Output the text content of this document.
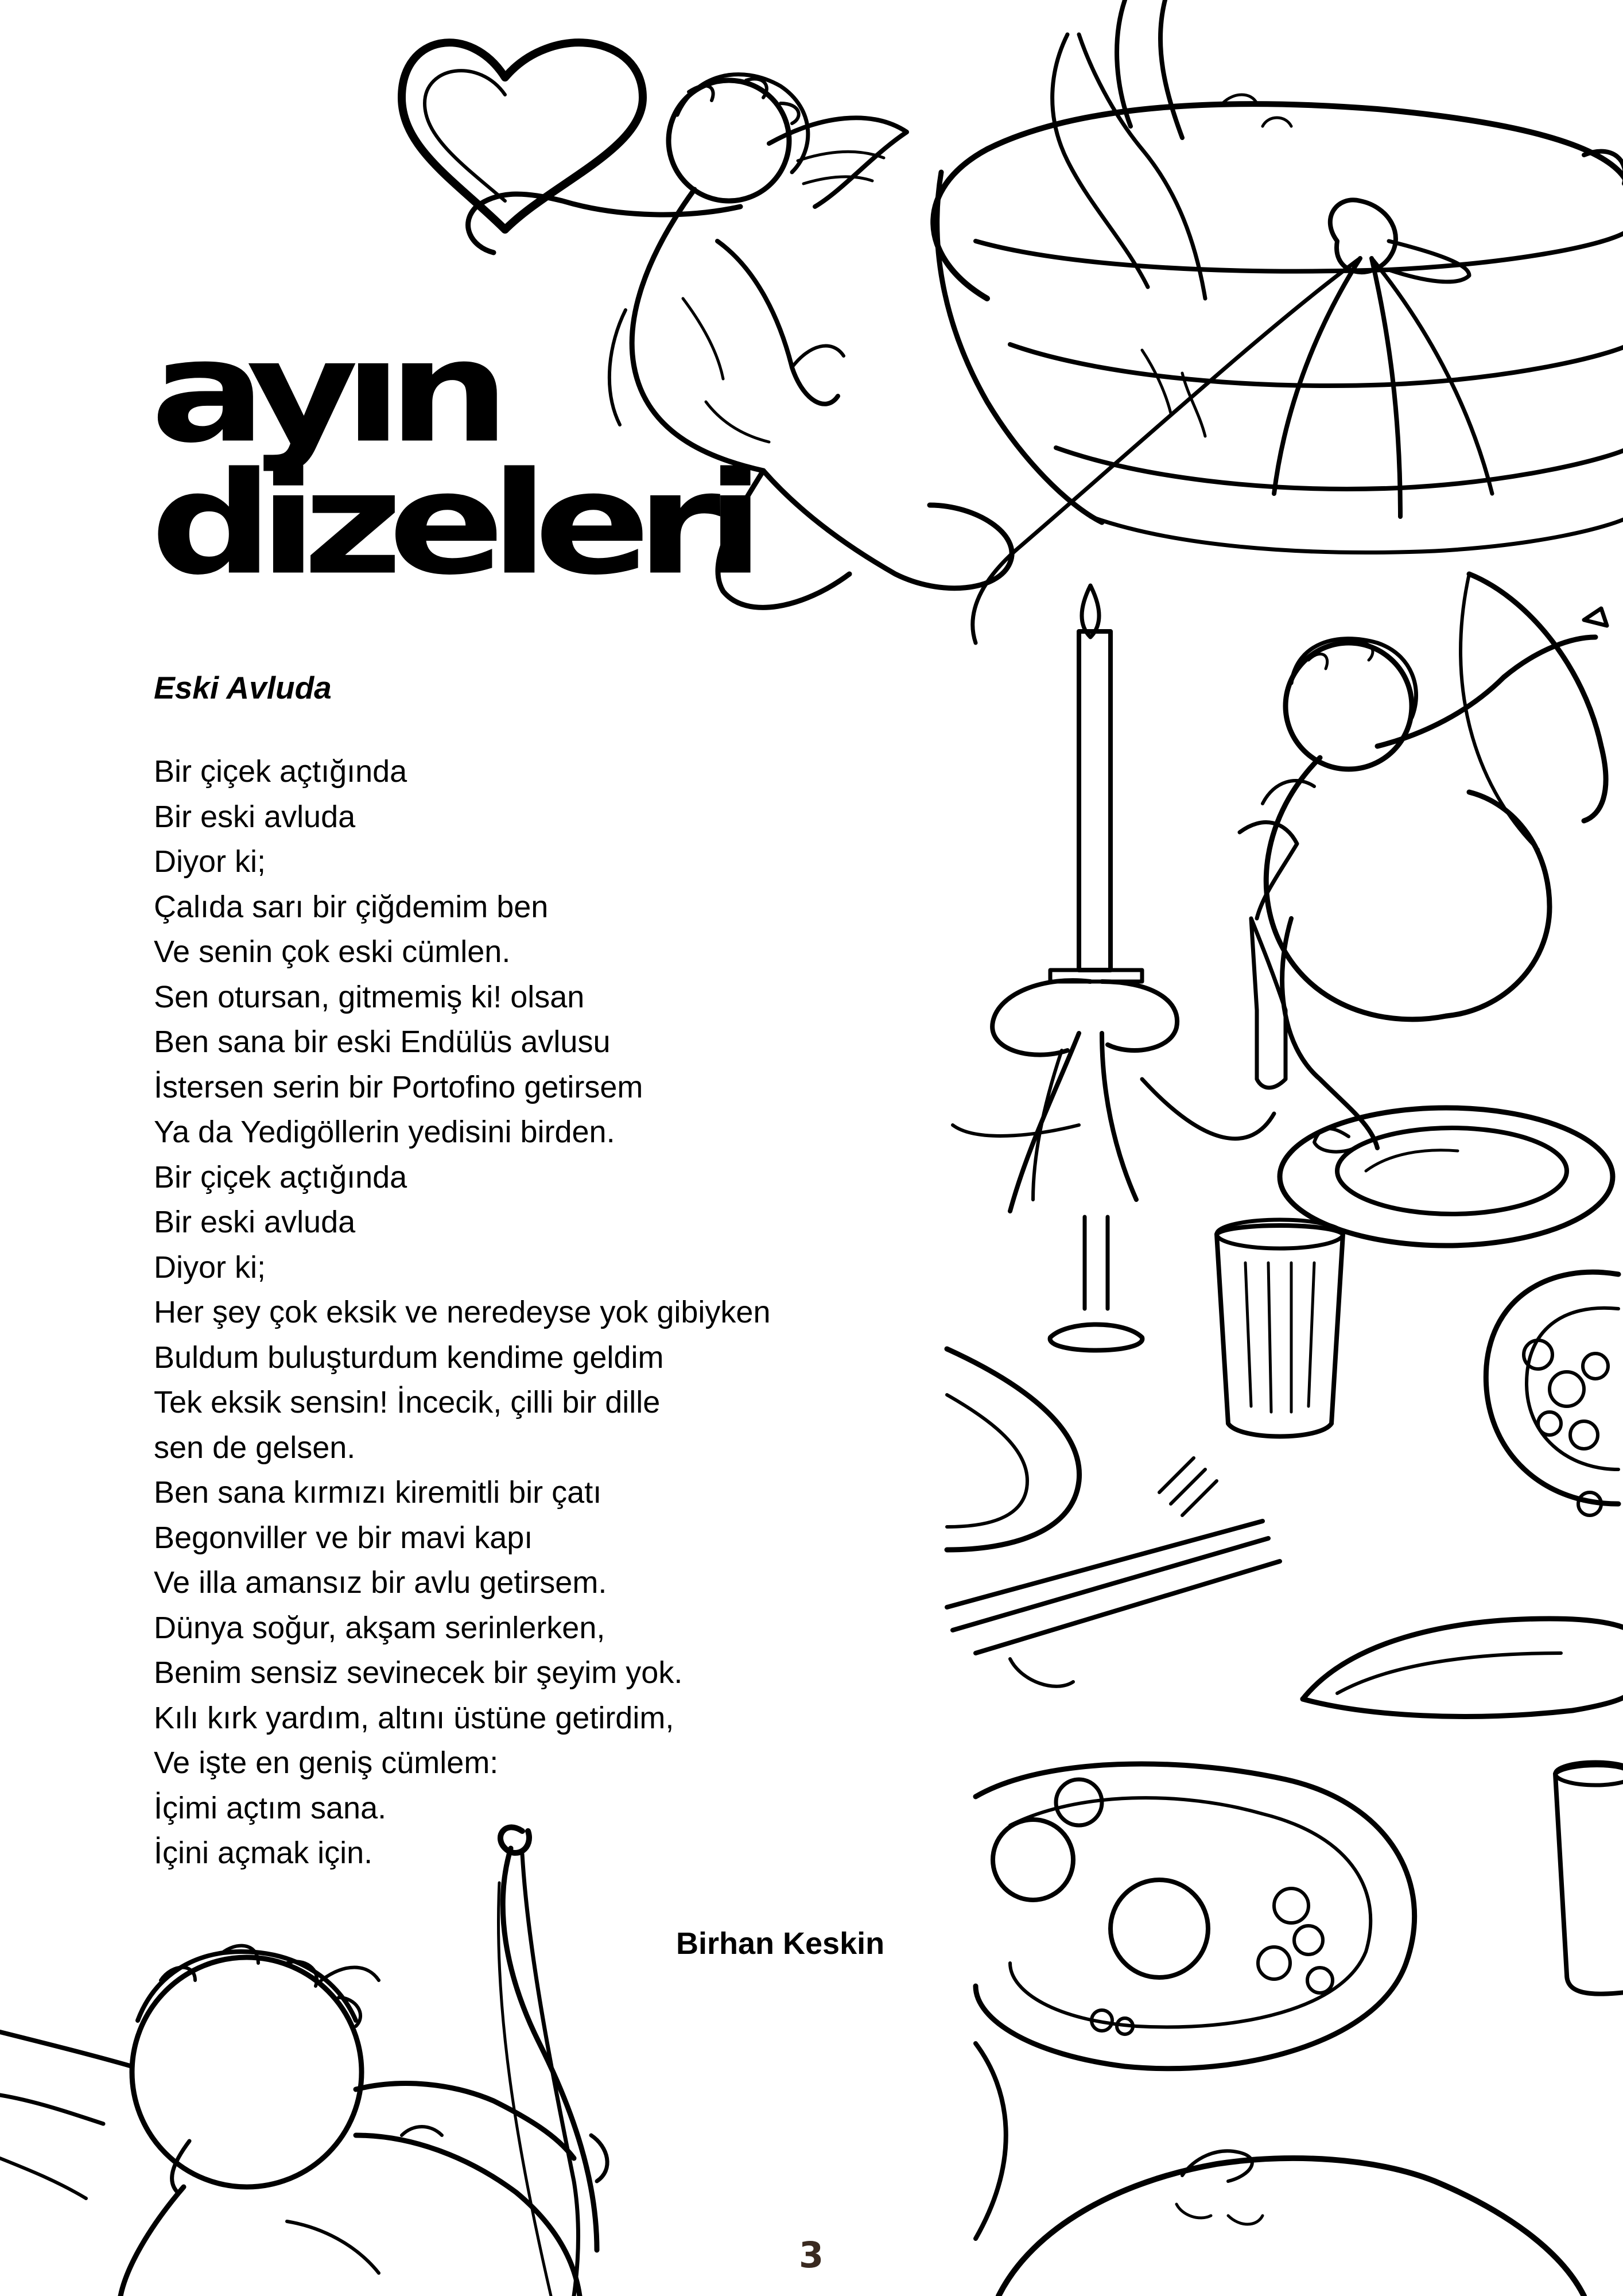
ayın
dizeleri
Eski Avluda
Bir çiçek açtığında
Bir eski avluda
Diyor ki;
Çalıda sarı bir çiğdemim ben
Ve senin çok eski cümlen.
Sen otursan, gitmemiş ki! olsan
Ben sana bir eski Endülüs avlusu
İstersen serin bir Portofino getirsem
Ya da Yedigöllerin yedisini birden.
Bir çiçek açtığında
Bir eski avluda
Diyor ki;
Her şey çok eksik ve neredeyse yok gibiyken
Buldum buluşturdum kendime geldim
Tek eksik sensin! İncecik, çilli bir dille
sen de gelsen.
Ben sana kırmızı kiremitli bir çatı
Begonviller ve bir mavi kapı
Ve illa amansız bir avlu getirsem.
Dünya soğur, akşam serinlerken,
Benim sensiz sevinecek bir şeyim yok.
Kılı kırk yardım, altını üstüne getirdim,
Ve işte en geniş cümlem:
İçimi açtım sana.
İçini açmak için.

Birhan Keskin

3
